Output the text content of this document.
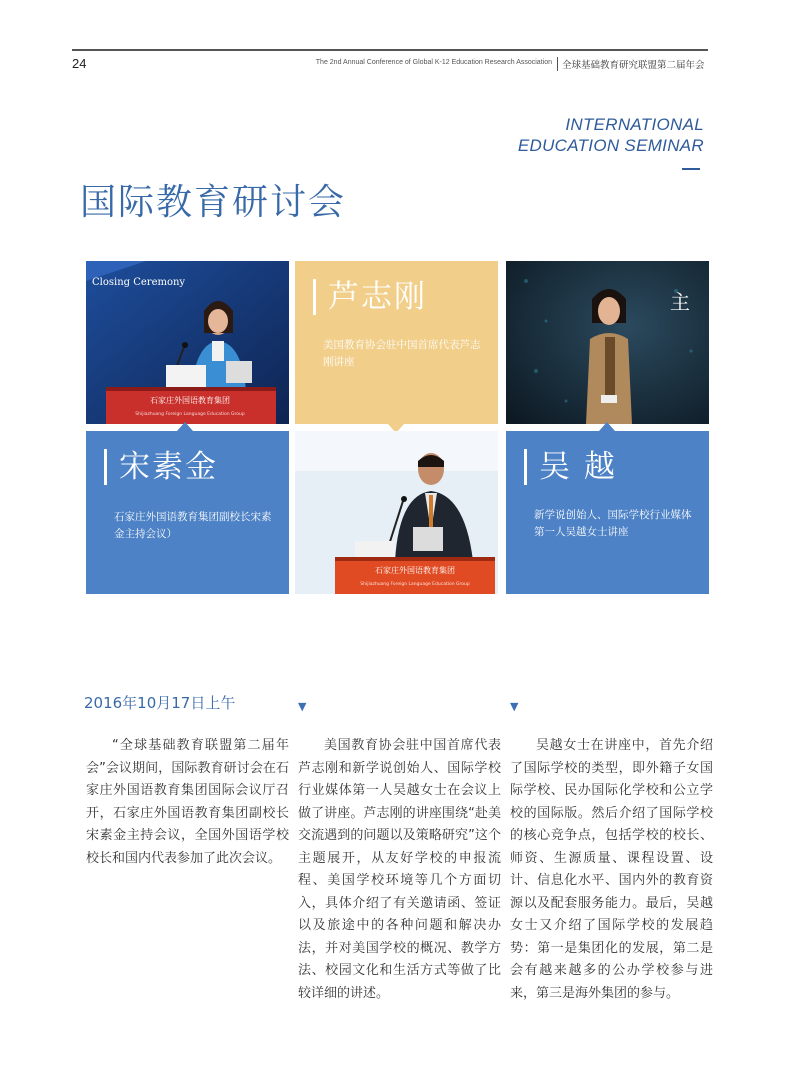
24	The 2nd Annual Conference of Global K-12 Education Research Association 全球基础教育研究联盟第二届年会
INTERNATIONAL
EDUCATION SEMINAR
国际教育研讨会
Closing Ceremony
石家庄外国语教育集团
Shijiazhuang Foreign Language Education Group
芦志刚
美国教育协会驻中国首席代表芦志刚讲座
主
宋素金
石家庄外国语教育集团副校长宋素金主持会议）
石家庄外国语教育集团
Shijiazhuang Foreign Language Education Group
吴 越
新学说创始人、国际学校行业媒体第一人吴越女士讲座
2016年10月17日上午	▼	▼
“全球基础教育联盟第二届年会”会议期间，国际教育研讨会在石家庄外国语教育集团国际会议厅召开，石家庄外国语教育集团副校长宋素金主持会议，全国外国语学校校长和国内代表参加了此次会议。
美国教育协会驻中国首席代表芦志刚和新学说创始人、国际学校行业媒体第一人吴越女士在会议上做了讲座。芦志刚的讲座围绕“赴美交流遇到的问题以及策略研究”这个主题展开，从友好学校的申报流程、美国学校环境等几个方面切入，具体介绍了有关邀请函、签证以及旅途中的各种问题和解决办法，并对美国学校的概况、教学方法、校园文化和生活方式等做了比较详细的讲述。
吴越女士在讲座中，首先介绍了国际学校的类型，即外籍子女国际学校、民办国际化学校和公立学校的国际版。然后介绍了国际学校的核心竞争点，包括学校的校长、师资、生源质量、课程设置、设计、信息化水平、国内外的教育资源以及配套服务能力。最后，吴越女士又介绍了国际学校的发展趋势：第一是集团化的发展，第二是会有越来越多的公办学校参与进来，第三是海外集团的参与。
